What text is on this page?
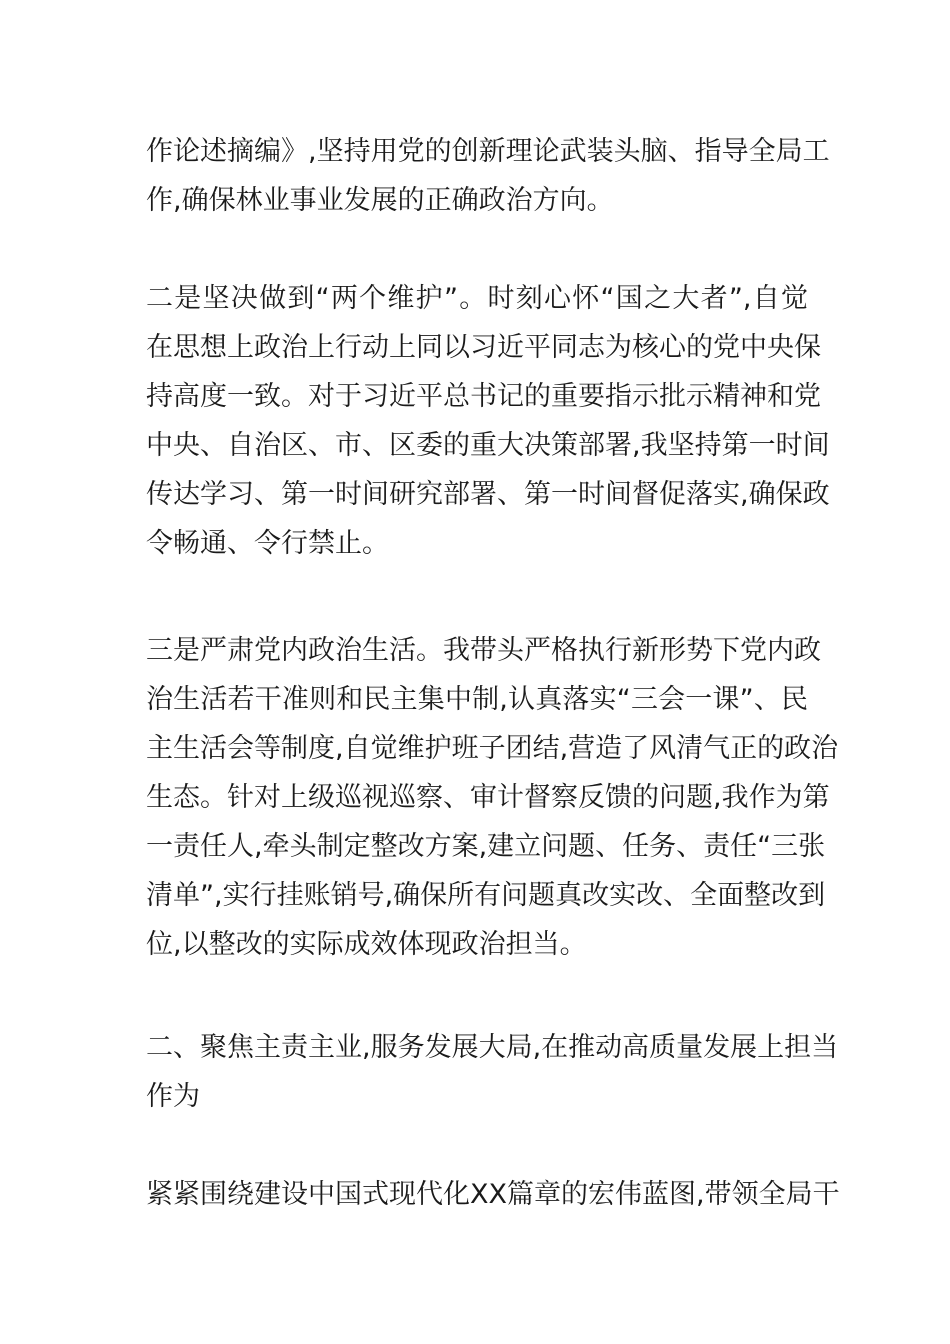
作论述摘编》,坚持用党的创新理论武装头脑、指导全局工
作,确保林业事业发展的正确政治方向。

二是坚决做到“两个维护”。时刻心怀“国之大者”,自觉
在思想上政治上行动上同以习近平同志为核心的党中央保
持高度一致。对于习近平总书记的重要指示批示精神和党
中央、自治区、市、区委的重大决策部署,我坚持第一时间
传达学习、第一时间研究部署、第一时间督促落实,确保政
令畅通、令行禁止。

三是严肃党内政治生活。我带头严格执行新形势下党内政
治生活若干准则和民主集中制,认真落实“三会一课”、民
主生活会等制度,自觉维护班子团结,营造了风清气正的政治
生态。针对上级巡视巡察、审计督察反馈的问题,我作为第
一责任人,牵头制定整改方案,建立问题、任务、责任“三张
清单”,实行挂账销号,确保所有问题真改实改、全面整改到
位,以整改的实际成效体现政治担当。

二、聚焦主责主业,服务发展大局,在推动高质量发展上担当
作为

紧紧围绕建设中国式现代化XX篇章的宏伟蓝图,带领全局干
